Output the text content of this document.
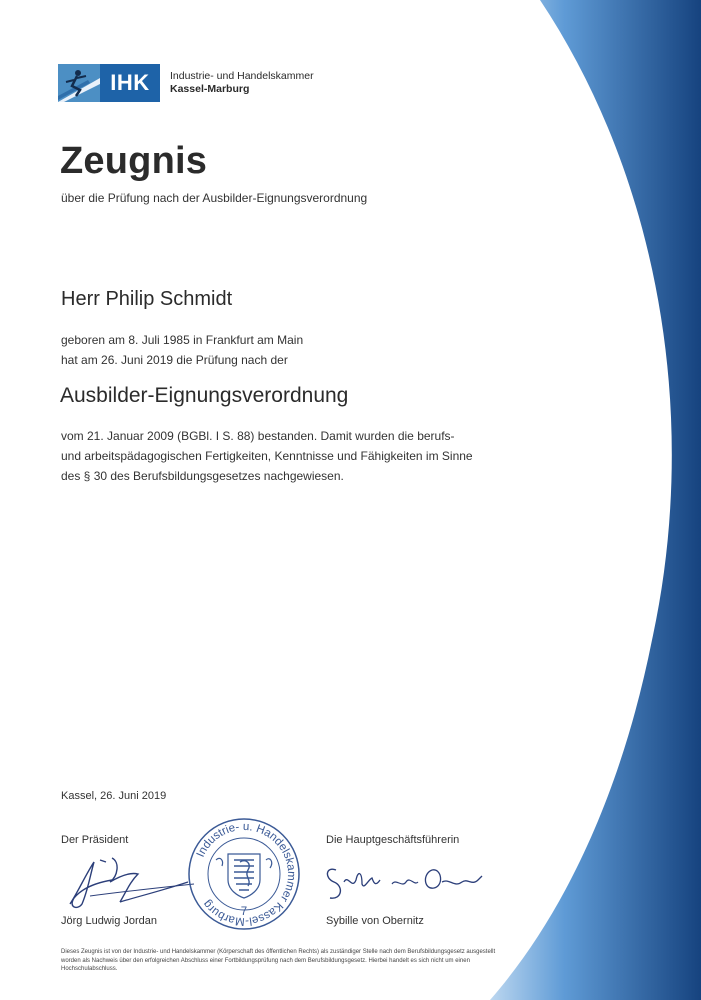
IHK	Industrie- und Handelskammer
Kassel-Marburg
Zeugnis
über die Prüfung nach der Ausbilder-Eignungsverordnung
Herr Philip Schmidt
geboren am 8. Juli 1985 in Frankfurt am Main
hat am 26. Juni 2019 die Prüfung nach der
Ausbilder-Eignungsverordnung
vom 21. Januar 2009 (BGBl. I S. 88) bestanden. Damit wurden die berufs-
und arbeitspädagogischen Fertigkeiten, Kenntnisse und Fähigkeiten im Sinne
des § 30 des Berufsbildungsgesetzes nachgewiesen.
Kassel, 26. Juni 2019
Der Präsident	Die Hauptgeschäftsführerin
Jörg Ludwig Jordan	Sybille von Obernitz
Industrie- u. Handelskammer Kassel-Marburg
7
Dieses Zeugnis ist von der Industrie- und Handelskammer (Körperschaft des öffentlichen Rechts) als zuständiger Stelle nach dem Berufsbildungsgesetz ausgestellt worden als Nachweis über den erfolgreichen Abschluss einer Fortbildungsprüfung nach dem Berufsbildungsgesetz. Hierbei handelt es sich nicht um einen Hochschulabschluss.
